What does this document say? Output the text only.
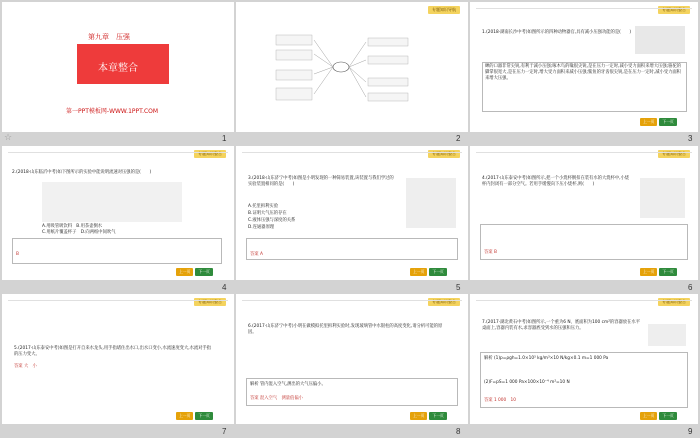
第九章　压强
本章整合
第一PPT模板网-WWW.1PPT.COM
☆	1
专题知识导航
2
专题知识整合
1.(2018·湖南长沙中考)如图所示的四种动物器官,具有减小压强功能的是(　　)
蝉的口器非常尖锐,有利于减小压强;啄木鸟的喙很尖锐,是在压力一定时,减小受力面积来增大压强;骆驼的脚掌很宽大,是在压力一定时,增大受力面积来减小压强;鲨鱼的牙齿很尖锐,是在压力一定时,减小受力面积来增大压强。
上一页 下一页
3
专题知识整合
2.(2018·山东临沂中考)如下图所示的实验中能说明流速对压强的是(　　)
A.用吸管吸饮料　B.用茶壶倒水
C.用纸片覆盖杯子　D.向两纸中间吹气
B
上一页 下一页
4
专题知识整合
3.(2018·山东济宁中考)如图是小明发现的一种简易装置,该装置与我们学过的实验装置相同的是(　　)
A.托里拆利实验
B.证明大气压的存在
C.液体压强与深度的关系
D.连通器原理
答案 A
上一页 下一页
5
专题知识整合
4.(2017·山东泰安中考)如图所示,把一个小烧杯倒扣在装有水的大烧杯中,小烧杯内封闭有一部分空气。若用手缓慢向下压小烧杯,则(　　)
答案 B
上一页 下一页
6
专题知识整合
5.(2017·山东泰安中考)如图是打开自来水龙头,用手指堵住出水口,出水口变小,水流速度变大,水流对手指的压力变大。
答案 大　小
上一页 下一页
7
专题知识整合
6.(2017·山东济宁中考)小明在做模拟托里拆利实验时,发现玻璃管中水银柱的高度变化,请分析可能的原因。
解析 管内混入空气,测出的大气压偏小。
答案 混入空气　测量值偏小
上一页 下一页
8
专题知识整合
7.(2017·湖北黄石中考)如图所示,一个重为6 N、底面积为100 cm²的容器放在水平桌面上,容器内装有水,求容器底受到水的压强和压力。
解析 (1)p=ρgh=1.0×10³ kg/m³×10 N/kg×0.1 m=1 000 Pa
(2)F=pS=1 000 Pa×100×10⁻⁴ m²=10 N
答案 1 000　10
上一页 下一页
9
